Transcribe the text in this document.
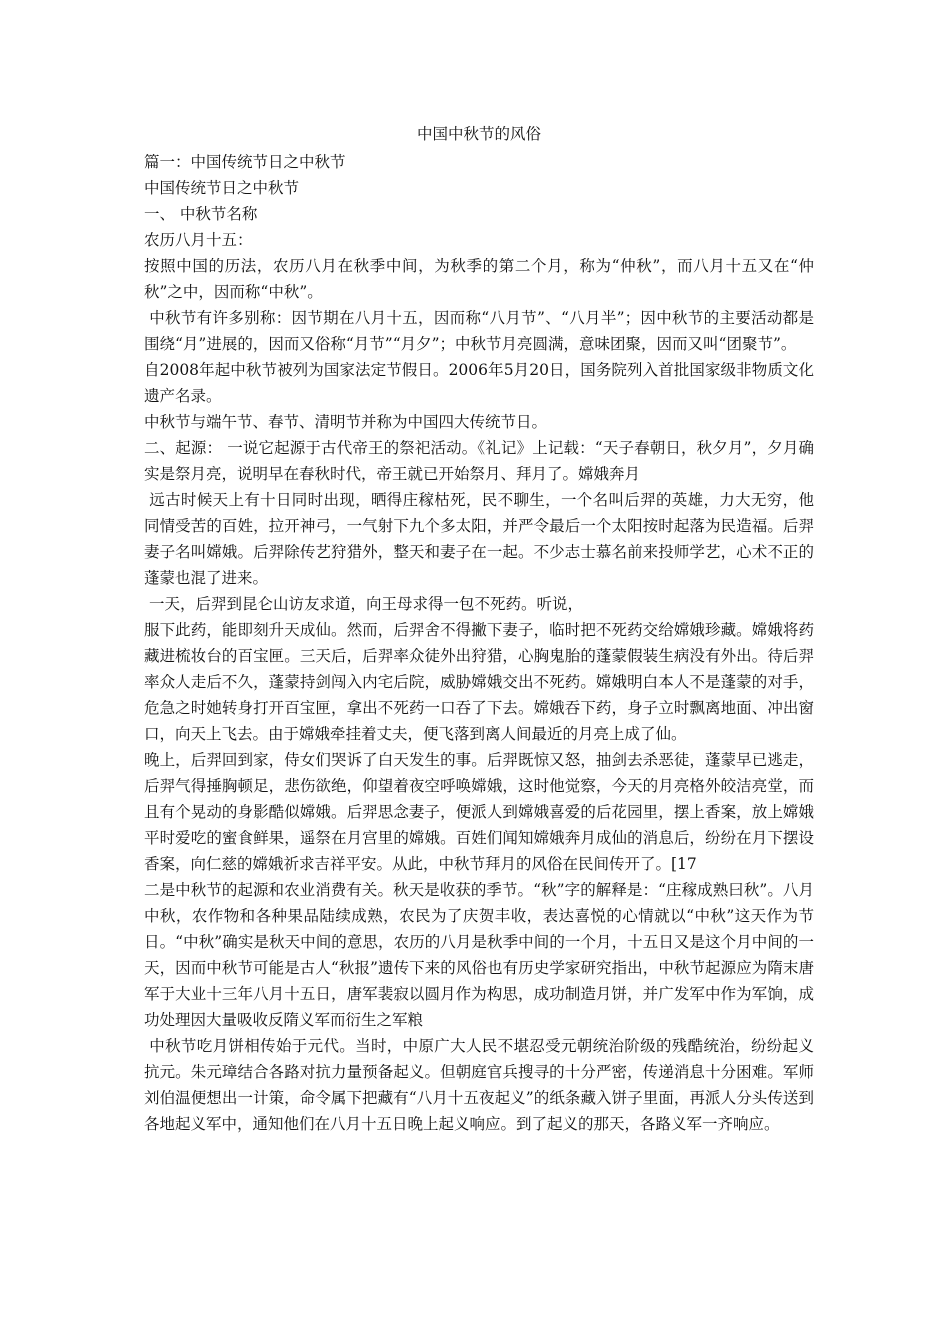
中国中秋节的风俗

篇一：中国传统节日之中秋节

中国传统节日之中秋节

一、 中秋节名称

农历八月十五：

按照中国的历法，农历八月在秋季中间，为秋季的第二个月，称为“仲秋”，而八月十五又在“仲秋”之中，因而称“中秋”。

中秋节有许多别称：因节期在八月十五，因而称“八月节”、“八月半”；因中秋节的主要活动都是围绕“月”进展的，因而又俗称“月节”“月夕”；中秋节月亮圆满，意味团聚，因而又叫“团聚节”。

自2008年起中秋节被列为国家法定节假日。2006年5月20日，国务院列入首批国家级非物质文化遗产名录。

中秋节与端午节、春节、清明节并称为中国四大传统节日。

二、起源： 一说它起源于古代帝王的祭祀活动。《礼记》上记载：“天子春朝日，秋夕月”，夕月确实是祭月亮，说明早在春秋时代，帝王就已开始祭月、拜月了。嫦娥奔月

远古时候天上有十日同时出现，晒得庄稼枯死，民不聊生，一个名叫后羿的英雄，力大无穷，他同情受苦的百姓，拉开神弓，一气射下九个多太阳，并严令最后一个太阳按时起落为民造福。后羿妻子名叫嫦娥。后羿除传艺狩猎外，整天和妻子在一起。不少志士慕名前来投师学艺，心术不正的蓬蒙也混了进来。

一天，后羿到昆仑山访友求道，向王母求得一包不死药。听说，

服下此药，能即刻升天成仙。然而，后羿舍不得撇下妻子，临时把不死药交给嫦娥珍藏。嫦娥将药藏进梳妆台的百宝匣。三天后，后羿率众徒外出狩猎，心胸鬼胎的蓬蒙假装生病没有外出。待后羿率众人走后不久，蓬蒙持剑闯入内宅后院，威胁嫦娥交出不死药。嫦娥明白本人不是蓬蒙的对手，危急之时她转身打开百宝匣，拿出不死药一口吞了下去。嫦娥吞下药，身子立时飘离地面、冲出窗口，向天上飞去。由于嫦娥牵挂着丈夫，便飞落到离人间最近的月亮上成了仙。

晚上，后羿回到家，侍女们哭诉了白天发生的事。后羿既惊又怒，抽剑去杀恶徒，蓬蒙早已逃走，后羿气得捶胸顿足，悲伤欲绝，仰望着夜空呼唤嫦娥，这时他觉察，今天的月亮格外皎洁亮堂，而且有个晃动的身影酷似嫦娥。后羿思念妻子，便派人到嫦娥喜爱的后花园里，摆上香案，放上嫦娥平时爱吃的蜜食鲜果，遥祭在月宫里的嫦娥。百姓们闻知嫦娥奔月成仙的消息后，纷纷在月下摆设香案，向仁慈的嫦娥祈求吉祥平安。从此，中秋节拜月的风俗在民间传开了。[17

二是中秋节的起源和农业消费有关。秋天是收获的季节。“秋”字的解释是：“庄稼成熟曰秋”。八月中秋，农作物和各种果品陆续成熟，农民为了庆贺丰收，表达喜悦的心情就以“中秋”这天作为节日。“中秋”确实是秋天中间的意思，农历的八月是秋季中间的一个月，十五日又是这个月中间的一天，因而中秋节可能是古人“秋报”遗传下来的风俗也有历史学家研究指出，中秋节起源应为隋末唐军于大业十三年八月十五日，唐军裴寂以圆月作为构思，成功制造月饼，并广发军中作为军饷，成功处理因大量吸收反隋义军而衍生之军粮

中秋节吃月饼相传始于元代。当时，中原广大人民不堪忍受元朝统治阶级的残酷统治，纷纷起义抗元。朱元璋结合各路对抗力量预备起义。但朝庭官兵搜寻的十分严密，传递消息十分困难。军师刘伯温便想出一计策，命令属下把藏有“八月十五夜起义”的纸条藏入饼子里面，再派人分头传送到各地起义军中，通知他们在八月十五日晚上起义响应。到了起义的那天，各路义军一齐响应。
